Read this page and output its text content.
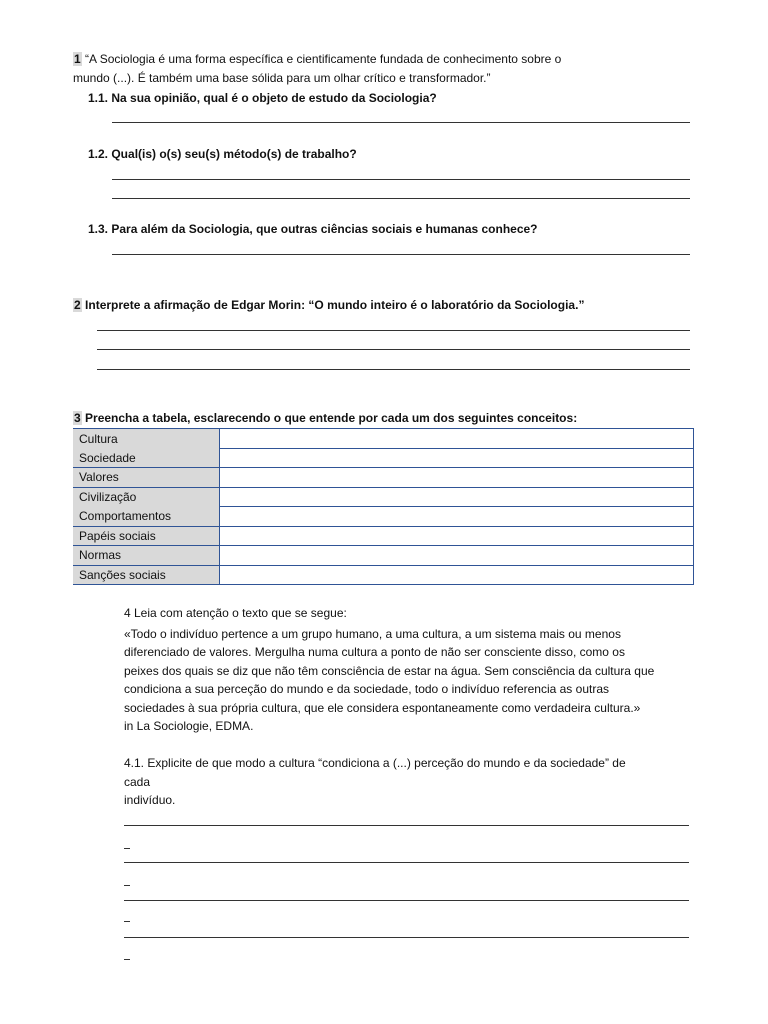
1 “A Sociologia é uma forma específica e cientificamente fundada de conhecimento sobre o
mundo (...). É também uma base sólida para um olhar crítico e transformador.”
1.1. Na sua opinião, qual é o objeto de estudo da Sociologia?
1.2. Qual(is) o(s) seu(s) método(s) de trabalho?
1.3. Para além da Sociologia, que outras ciências sociais e humanas conhece?
2 Interprete a afirmação de Edgar Morin: “O mundo inteiro é o laboratório da Sociologia.”
3 Preencha a tabela, esclarecendo o que entende por cada um dos seguintes conceitos:
Cultura	
Sociedade	
Valores	
Civilização	
Comportamentos	
Papéis sociais	
Normas	
Sanções sociais	
4 Leia com atenção o texto que se segue:
«Todo o indivíduo pertence a um grupo humano, a uma cultura, a um sistema mais ou menos
diferenciado de valores. Mergulha numa cultura a ponto de não ser consciente disso, como os
peixes dos quais se diz que não têm consciência de estar na água. Sem consciência da cultura que
condiciona a sua perceção do mundo e da sociedade, todo o indivíduo referencia as outras
sociedades à sua própria cultura, que ele considera espontaneamente como verdadeira cultura.»
in La Sociologie, EDMA.
4.1. Explicite de que modo a cultura “condiciona a (...) perceção do mundo e da sociedade” de
cada
indivíduo.
